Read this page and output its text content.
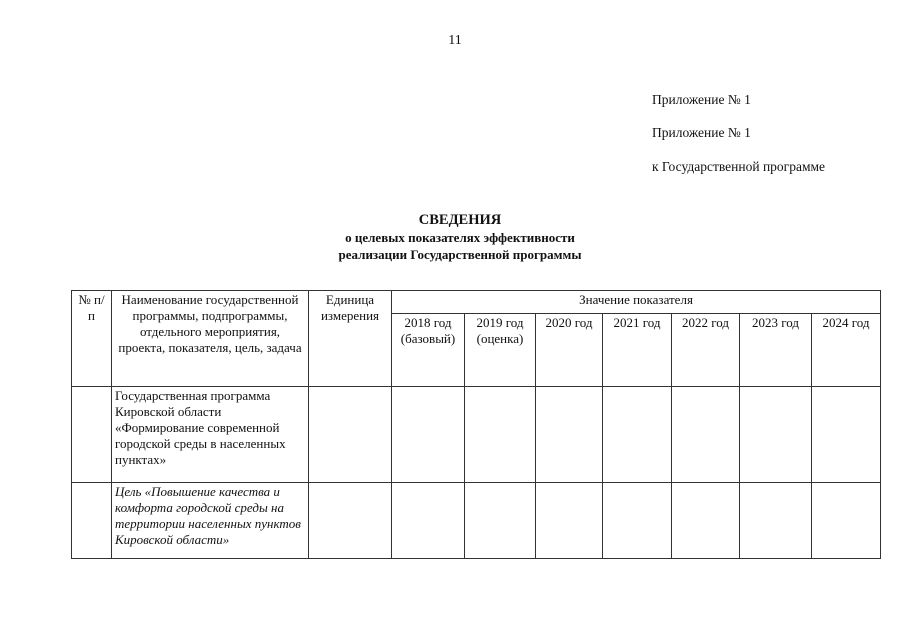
11
Приложение № 1
Приложение № 1
к Государственной программе
СВЕДЕНИЯ
о целевых показателях эффективности
реализации Государственной программы
№ п/п	Наименование государственной программы, подпрограммы, отдельного мероприятия, проекта, показателя, цель, задача	Единица измерения	Значение показателя						
			2018 год (базовый)	2019 год (оценка)	2020 год	2021 год	2022 год	2023 год	2024 год
	Государственная программа Кировской области «Формирование современной городской среды в населенных пунктах»								
	Цель «Повышение качества и комфорта городской среды на территории населенных пунктов Кировской области»								
